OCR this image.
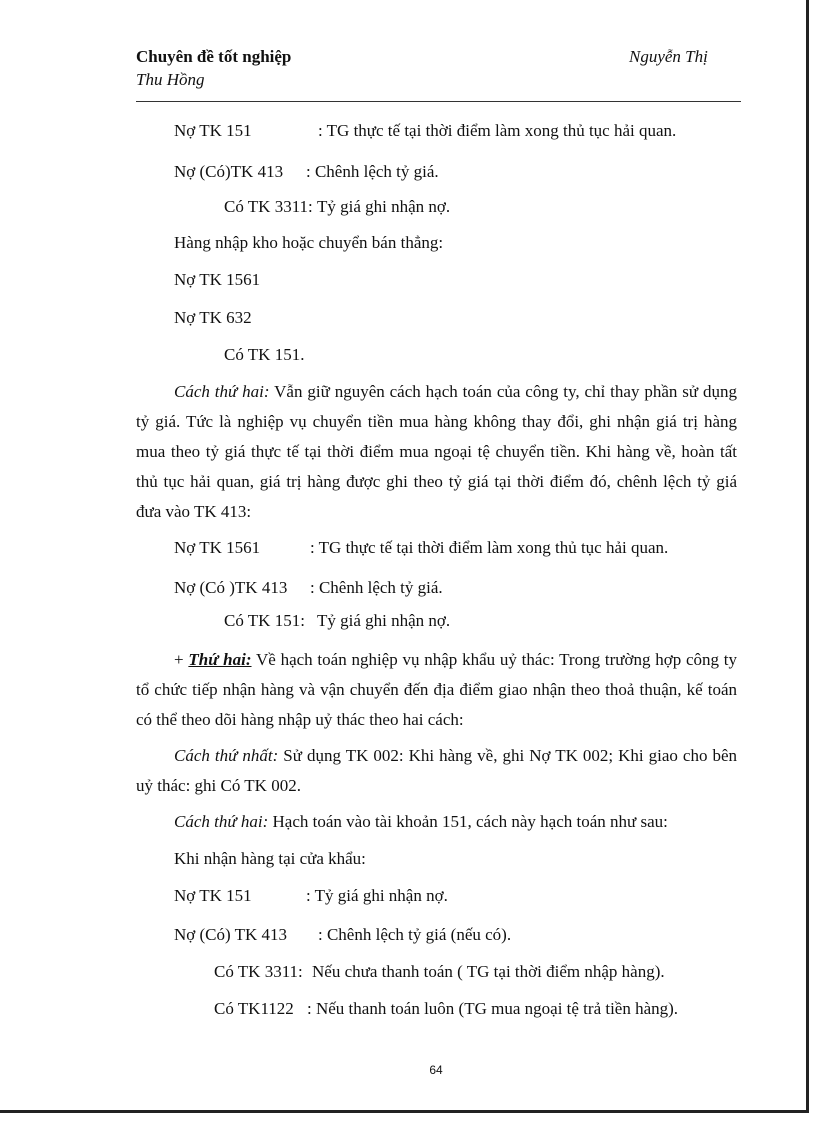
Chuyên đề tốt nghiệp
Thu Hồng
Nguyễn Thị
Nợ TK 151	: TG thực tế tại thời điểm làm xong thủ tục hải quan.
Nợ (Có)TK 413 : Chênh lệch tỷ giá.
Có TK 3311: Tỷ giá ghi nhận nợ.
Hàng nhập kho hoặc chuyển bán thẳng:
Nợ TK 1561
Nợ TK 632
Có TK 151.
Cách thứ hai: Vẫn giữ nguyên cách hạch toán của công ty, chỉ thay phần sử dụng tỷ giá. Tức là nghiệp vụ chuyển tiền mua hàng không thay đổi, ghi nhận giá trị hàng mua theo tỷ giá thực tế tại thời điểm mua ngoại tệ chuyển tiền. Khi hàng về, hoàn tất thủ tục hải quan, giá trị hàng được ghi theo tỷ giá tại thời điểm đó, chênh lệch tỷ giá đưa vào TK 413:
Nợ TK 1561	: TG thực tế tại thời điểm làm xong thủ tục hải quan.
Nợ (Có )TK 413 : Chênh lệch tỷ giá.
Có TK 151: Tỷ giá ghi nhận nợ.
+ Thứ hai: Về hạch toán nghiệp vụ nhập khẩu uỷ thác: Trong trường hợp công ty tổ chức tiếp nhận hàng và vận chuyển đến địa điểm giao nhận theo thoả thuận, kế toán có thể theo dõi hàng nhập uỷ thác theo hai cách:
Cách thứ nhất: Sử dụng TK 002: Khi hàng về, ghi Nợ TK 002; Khi giao cho bên uỷ thác: ghi Có TK 002.
Cách thứ hai: Hạch toán vào tài khoản 151, cách này hạch toán như sau:
Khi nhận hàng tại cửa khẩu:
Nợ TK 151	: Tỷ giá ghi nhận nợ.
Nợ (Có) TK 413 : Chênh lệch tỷ giá (nếu có).
Có TK 3311: Nếu chưa thanh toán ( TG tại thời điểm nhập hàng).
Có TK1122 : Nếu thanh toán luôn (TG mua ngoại tệ trả tiền hàng).
64
